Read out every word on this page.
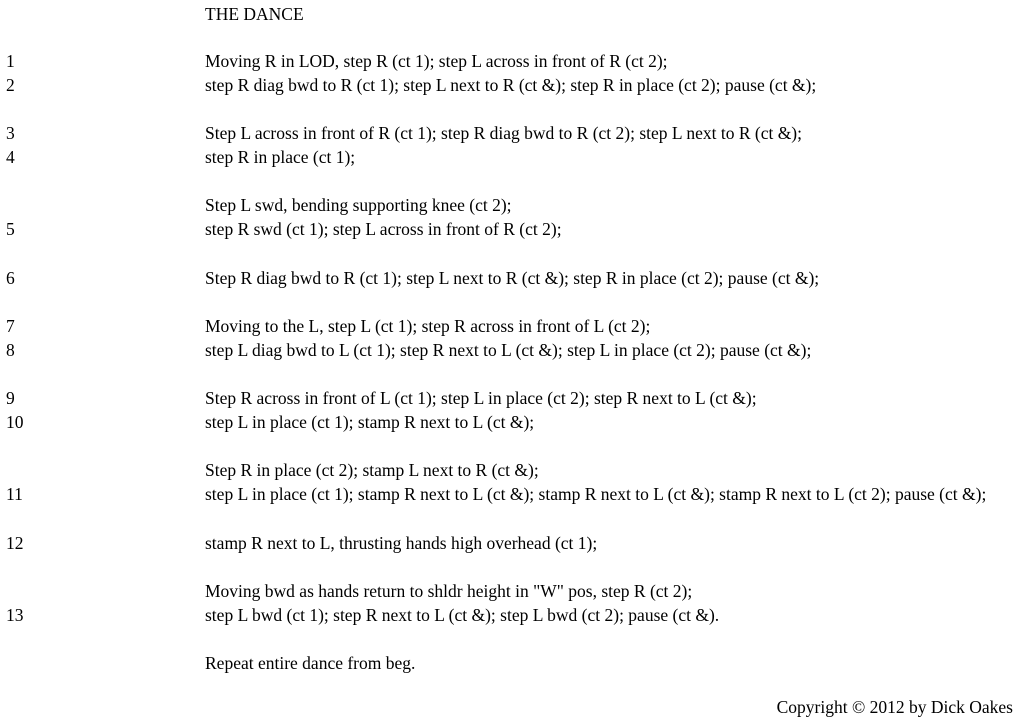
THE DANCE
1	Moving R in LOD, step R (ct 1); step L across in front of R (ct 2);
2	step R diag bwd to R (ct 1); step L next to R (ct &); step R in place (ct 2); pause (ct &);
3	Step L across in front of R (ct 1); step R diag bwd to R (ct 2); step L next to R (ct &);
4	step R in place (ct 1);
Step L swd, bending supporting knee (ct 2);
5	step R swd (ct 1); step L across in front of R (ct 2);
6	Step R diag bwd to R (ct 1); step L next to R (ct &); step R in place (ct 2); pause (ct &);
7	Moving to the L, step L (ct 1); step R across in front of L (ct 2);
8	step L diag bwd to L (ct 1); step R next to L (ct &); step L in place (ct 2); pause (ct &);
9	Step R across in front of L (ct 1); step L in place (ct 2); step R next to L (ct &);
10	step L in place (ct 1); stamp R next to L (ct &);
Step R in place (ct 2); stamp L next to R (ct &);
11	step L in place (ct 1); stamp R next to L (ct &); stamp R next to L (ct &); stamp R next to L (ct 2); pause (ct &);
12	stamp R next to L, thrusting hands high overhead (ct 1);
Moving bwd as hands return to shldr height in "W" pos, step R (ct 2);
13	step L bwd (ct 1); step R next to L (ct &); step L bwd (ct 2); pause (ct &).
Repeat entire dance from beg.
Copyright © 2012 by Dick Oakes
